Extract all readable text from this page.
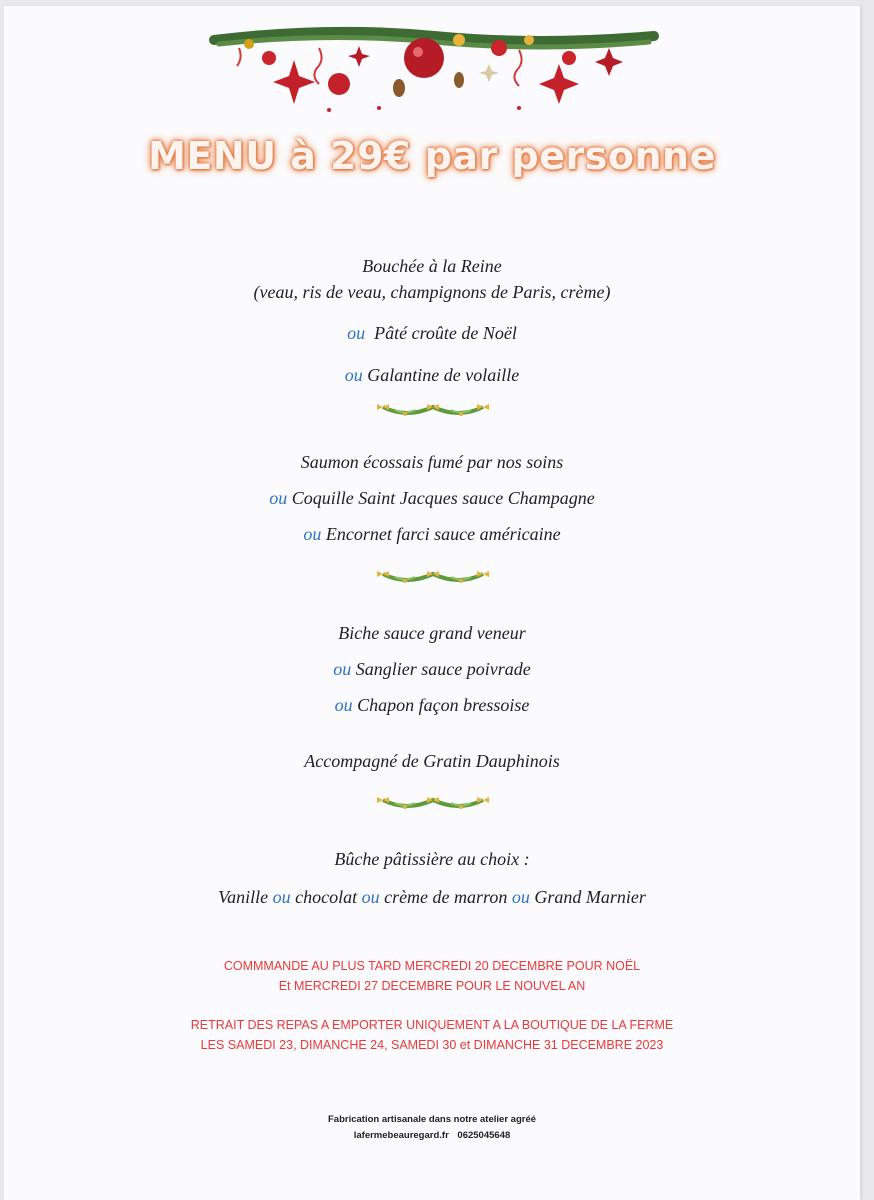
MENU à 29€ par personne
Bouchée à la Reine
(veau, ris de veau, champignons de Paris, crème)
ou Pâté croûte de Noël
ou Galantine de volaille
Saumon écossais fumé par nos soins
ou Coquille Saint Jacques sauce Champagne
ou Encornet farci sauce américaine
Biche sauce grand veneur
ou Sanglier sauce poivrade
ou Chapon façon bressoise
Accompagné de Gratin Dauphinois
Bûche pâtissière au choix :
Vanille ou chocolat ou crème de marron ou Grand Marnier
COMMMANDE AU PLUS TARD MERCREDI 20 DECEMBRE POUR NOËL
Et MERCREDI 27 DECEMBRE POUR LE NOUVEL AN
RETRAIT DES REPAS A EMPORTER UNIQUEMENT A LA BOUTIQUE DE LA FERME
LES SAMEDI 23, DIMANCHE 24, SAMEDI 30 et DIMANCHE 31 DECEMBRE 2023
Fabrication artisanale dans notre atelier agréé
lafermebeauregard.fr 0625045648
